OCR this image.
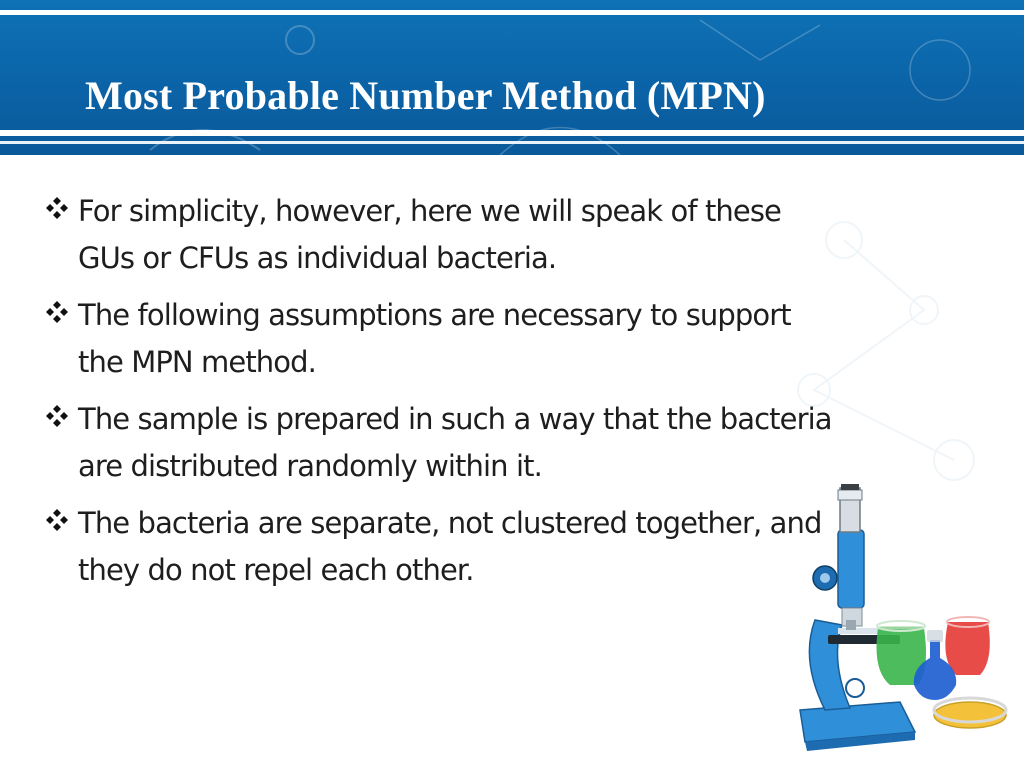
Most Probable Number Method (MPN)
For simplicity, however, here we will speak of these GUs or CFUs as individual bacteria.
The following assumptions are necessary to support the MPN method.
The sample is prepared in such a way that the bacteria are distributed randomly within it.
The bacteria are separate, not clustered together, and they do not repel each other.
